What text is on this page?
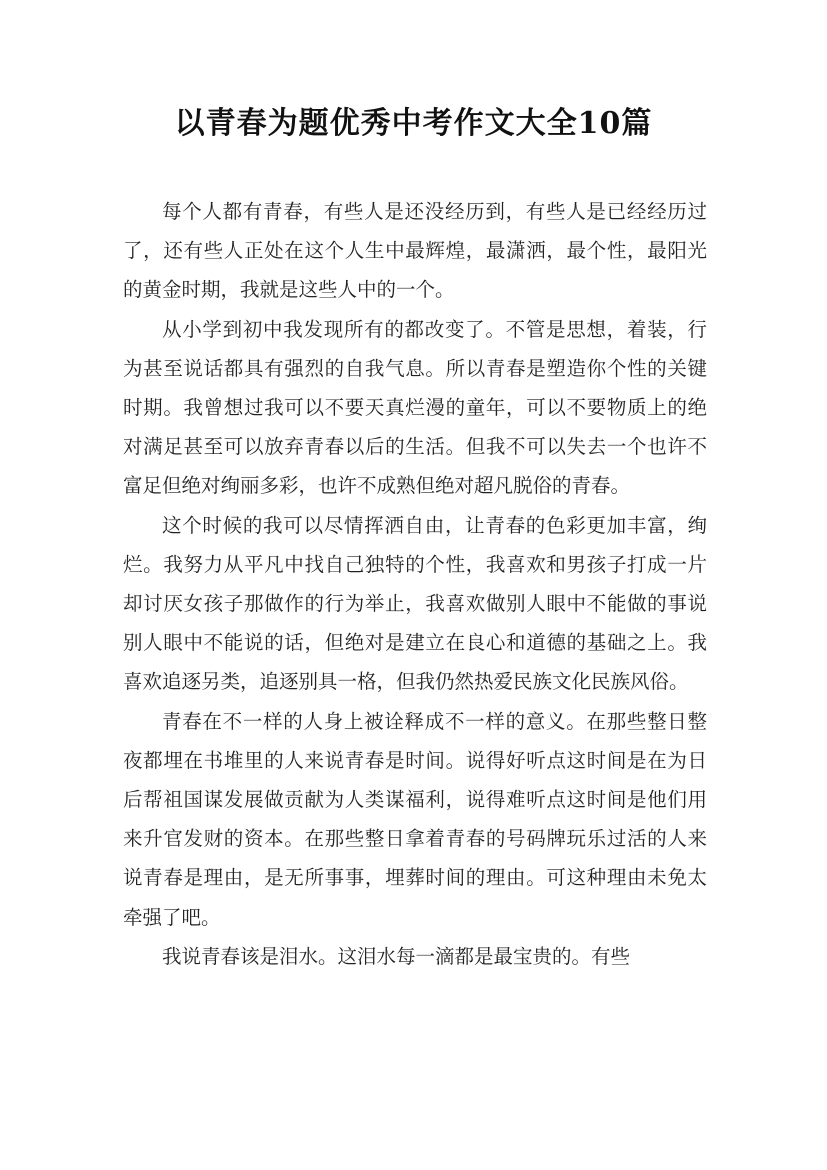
以青春为题优秀中考作文大全10篇

每个人都有青春，有些人是还没经历到，有些人是已经经历过了，还有些人正处在这个人生中最辉煌，最潇洒，最个性，最阳光的黄金时期，我就是这些人中的一个。

从小学到初中我发现所有的都改变了。不管是思想，着装，行为甚至说话都具有强烈的自我气息。所以青春是塑造你个性的关键时期。我曾想过我可以不要天真烂漫的童年，可以不要物质上的绝对满足甚至可以放弃青春以后的生活。但我不可以失去一个也许不富足但绝对绚丽多彩，也许不成熟但绝对超凡脱俗的青春。

这个时候的我可以尽情挥洒自由，让青春的色彩更加丰富，绚烂。我努力从平凡中找自己独特的个性，我喜欢和男孩子打成一片却讨厌女孩子那做作的行为举止，我喜欢做别人眼中不能做的事说别人眼中不能说的话，但绝对是建立在良心和道德的基础之上。我喜欢追逐另类，追逐别具一格，但我仍然热爱民族文化民族风俗。

青春在不一样的人身上被诠释成不一样的意义。在那些整日整夜都埋在书堆里的人来说青春是时间。说得好听点这时间是在为日后帮祖国谋发展做贡献为人类谋福利，说得难听点这时间是他们用来升官发财的资本。在那些整日拿着青春的号码牌玩乐过活的人来说青春是理由，是无所事事，埋葬时间的理由。可这种理由未免太牵强了吧。

我说青春该是泪水。这泪水每一滴都是最宝贵的。有些
